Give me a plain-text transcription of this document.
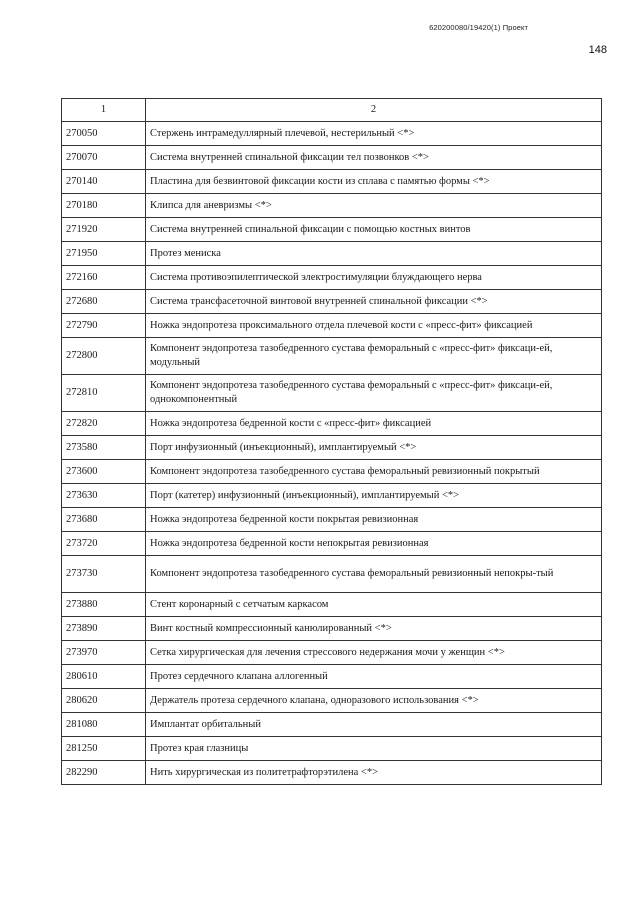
620200080/19420(1) Проект
148
1	2
270050	Стержень интрамедуллярный плечевой, нестерильный <*>
270070	Система внутренней спинальной фиксации тел позвонков <*>
270140	Пластина для безвинтовой фиксации кости из сплава с памятью формы <*>
270180	Клипса для аневризмы <*>
271920	Система внутренней спинальной фиксации с помощью костных винтов
271950	Протез мениска
272160	Система противоэпилептической электростимуляции блуждающего нерва
272680	Система трансфасеточной винтовой внутренней спинальной фиксации <*>
272790	Ножка эндопротеза проксимального отдела плечевой кости с «пресс-фит» фиксацией
272800	Компонент эндопротеза тазобедренного сустава феморальный с «пресс-фит» фиксаци-ей, модульный
272810	Компонент эндопротеза тазобедренного сустава феморальный с «пресс-фит» фиксаци-ей, однокомпонентный
272820	Ножка эндопротеза бедренной кости с «пресс-фит» фиксацией
273580	Порт инфузионный (инъекционный), имплантируемый <*>
273600	Компонент эндопротеза тазобедренного сустава феморальный ревизионный покрытый
273630	Порт (катетер) инфузионный (инъекционный), имплантируемый <*>
273680	Ножка эндопротеза бедренной кости покрытая ревизионная
273720	Ножка эндопротеза бедренной кости непокрытая ревизионная
273730	Компонент эндопротеза тазобедренного сустава феморальный ревизионный непокры-тый
273880	Стент коронарный с сетчатым каркасом
273890	Винт костный компрессионный канюлированный <*>
273970	Сетка хирургическая для лечения стрессового недержания мочи у женщин <*>
280610	Протез сердечного клапана аллогенный
280620	Держатель протеза сердечного клапана, одноразового использования <*>
281080	Имплантат орбитальный
281250	Протез края глазницы
282290	Нить хирургическая из политетрафторэтилена <*>
